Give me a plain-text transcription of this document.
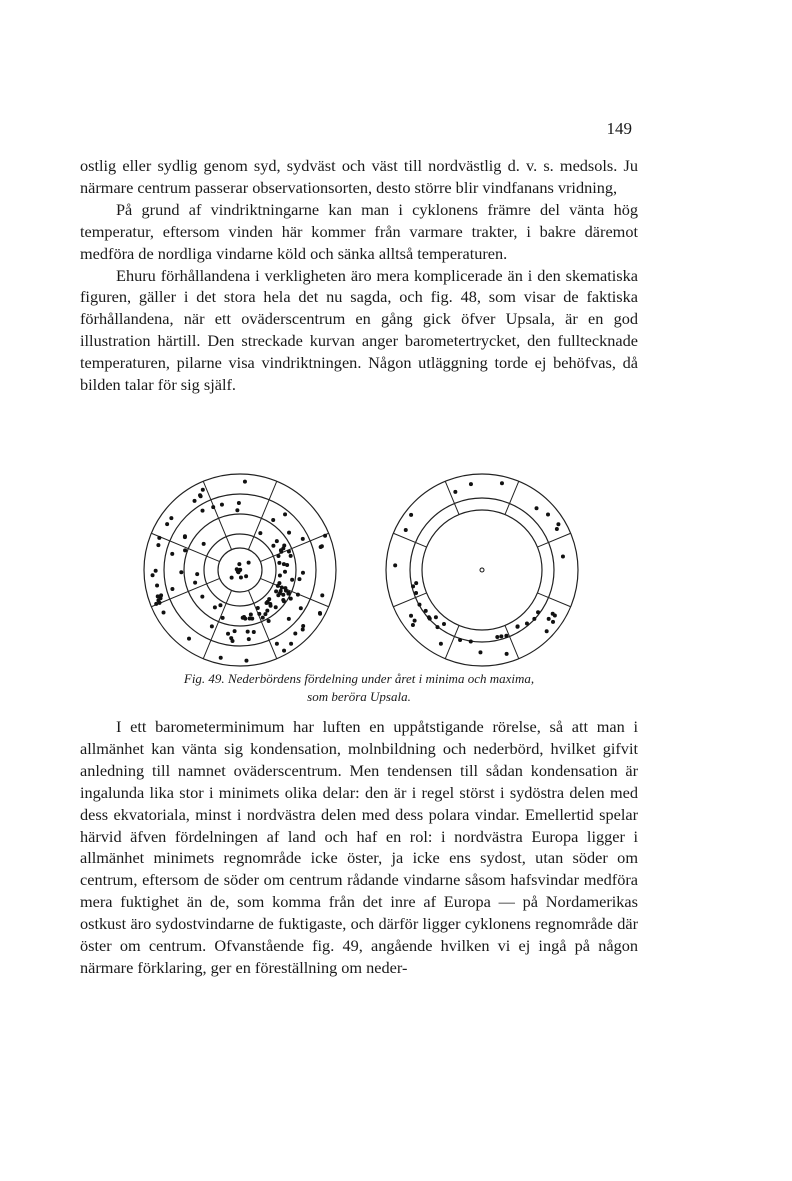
149

ostlig eller sydlig genom syd, sydväst och väst till nordvästlig d. v. s. medsols. Ju närmare centrum passerar observationsorten, desto större blir vindfanans vridning,

På grund af vindriktningarne kan man i cyklonens främre del vänta hög temperatur, eftersom vinden här kommer från varmare trakter, i bakre däremot medföra de nordliga vindarne köld och sänka alltså temperaturen.

Ehuru förhållandena i verkligheten äro mera komplicerade än i den skematiska figuren, gäller i det stora hela det nu sagda, och fig. 48, som visar de faktiska förhållandena, när ett oväderscentrum en gång gick öfver Upsala, är en god illustration härtill. Den streckade kurvan anger barometertrycket, den fulltecknade temperaturen, pilarne visa vindriktningen. Någon utläggning torde ej behöfvas, då bilden talar för sig själf.

Fig. 49. Nederbördens fördelning under året i minima och maxima,
som beröra Upsala.

I ett barometerminimum har luften en uppåtstigande rörelse, så att man i allmänhet kan vänta sig kondensation, molnbildning och nederbörd, hvilket gifvit anledning till namnet oväderscentrum. Men tendensen till sådan kondensation är ingalunda lika stor i minimets olika delar: den är i regel störst i sydöstra delen med dess ekvatoriala, minst i nordvästra delen med dess polara vindar. Emellertid spelar härvid äfven fördelningen af land och haf en rol: i nordvästra Europa ligger i allmänhet minimets regnområde icke öster, ja icke ens sydost, utan söder om centrum, eftersom de söder om centrum rådande vindarne såsom hafsvindar medföra mera fuktighet än de, som komma från det inre af Europa — på Nordamerikas ostkust äro sydostvindarne de fuktigaste, och därför ligger cyklonens regnområde där öster om centrum. Ofvanstående fig. 49, angående hvilken vi ej ingå på någon närmare förklaring, ger en föreställning om neder-
